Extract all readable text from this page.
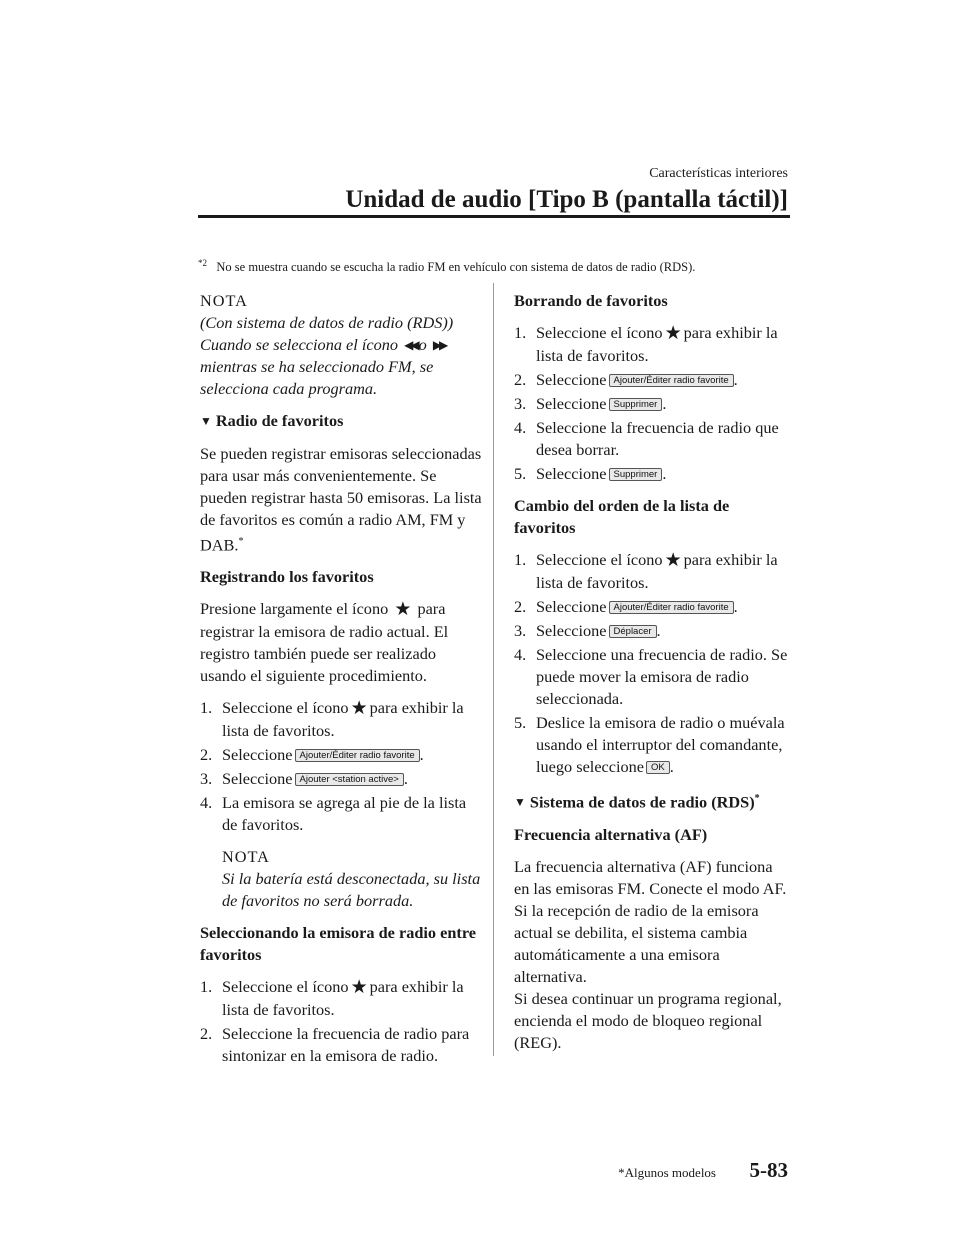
Características interiores
Unidad de audio [Tipo B (pantalla táctil)]
$^{*2}$ No se muestra cuando se escucha la radio FM en vehículo con sistema de datos de radio (RDS).

NOTA

(Con sistema de datos de radio (RDS))
Cuando se selecciona el ícono ◀◀ o ▶▶ mientras se ha seleccionado FM, se selecciona cada programa.

▼ Radio de favoritos

Se pueden registrar emisoras seleccionadas para usar más convenientemente. Se pueden registrar hasta 50 emisoras. La lista de favoritos es común a radio AM, FM y DAB.*

Registrando los favoritos

Presione largamente el ícono ★ para registrar la emisora de radio actual. El registro también puede ser realizado usando el siguiente procedimiento.

1. Seleccione el ícono ★ para exhibir la lista de favoritos.
2. Seleccione Ajouter/Éditer radio favorite .
3. Seleccione Ajouter <station active> .
4. La emisora se agrega al pie de la lista de favoritos.

NOTA

Si la batería está desconectada, su lista de favoritos no será borrada.

Seleccionando la emisora de radio entre favoritos

1. Seleccione el ícono ★ para exhibir la lista de favoritos.
2. Seleccione la frecuencia de radio para sintonizar en la emisora de radio.

Borrando de favoritos

1. Seleccione el ícono ★ para exhibir la lista de favoritos.
2. Seleccione Ajouter/Éditer radio favorite .
3. Seleccione Supprimer .
4. Seleccione la frecuencia de radio que desea borrar.
5. Seleccione Supprimer .

Cambio del orden de la lista de favoritos

1. Seleccione el ícono ★ para exhibir la lista de favoritos.
2. Seleccione Ajouter/Éditer radio favorite .
3. Seleccione Déplacer .
4. Seleccione una frecuencia de radio. Se puede mover la emisora de radio seleccionada.
5. Deslice la emisora de radio o muévala usando el interruptor del comandante, luego seleccione OK .

▼ Sistema de datos de radio (RDS)*

Frecuencia alternativa (AF)

La frecuencia alternativa (AF) funciona en las emisoras FM. Conecte el modo AF. Si la recepción de radio de la emisora actual se debilita, el sistema cambia automáticamente a una emisora alternativa.

Si desea continuar un programa regional, encienda el modo de bloqueo regional (REG).

*Algunos modelos 5-83
